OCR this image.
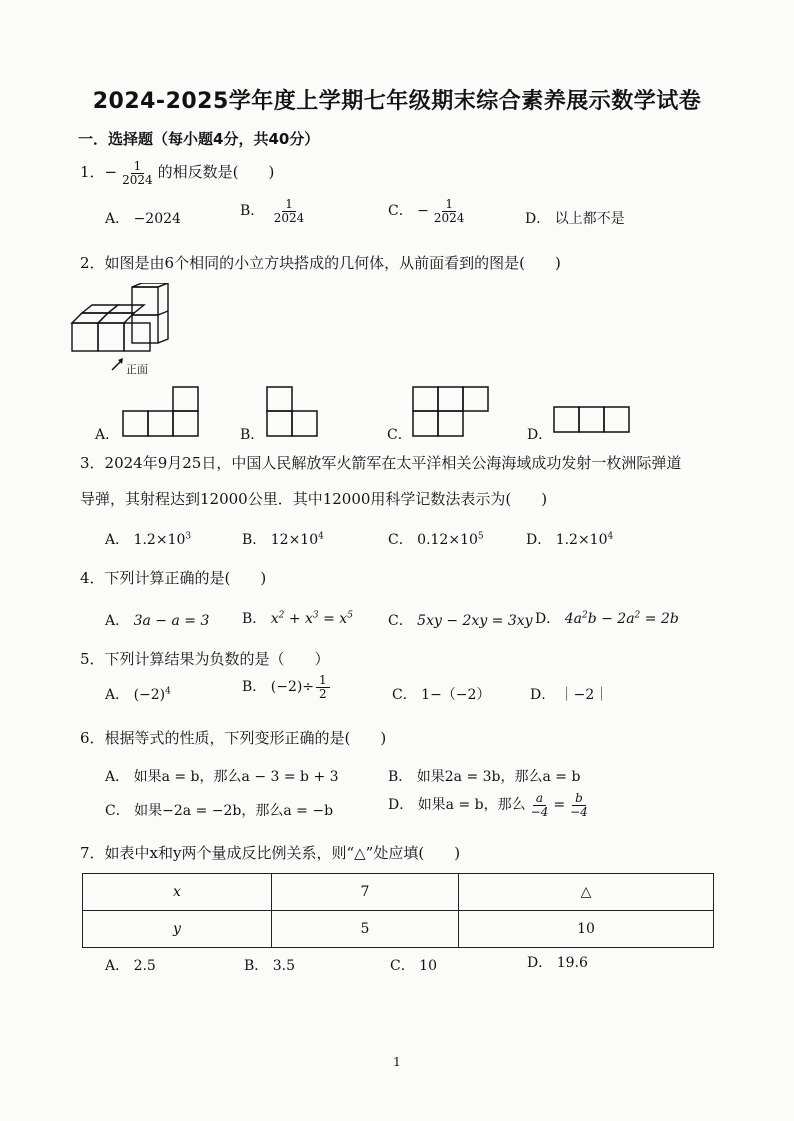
2024-2025学年度上学期七年级期末综合素养展示数学试卷
一．选择题（每小题4分，共40分）
1．− $\frac{1}{2024}$ 的相反数是(　　)
A． −2024	B． $\frac{1}{2024}$	C． − $\frac{1}{2024}$	D． 以上都不是
2．如图是由6个相同的小立方块搭成的几何体，从前面看到的图是(　　)
正面
A．	B．	C．	D．
3．2024年9月25日，中国人民解放军火箭军在太平洋相关公海海域成功发射一枚洲际弹道
导弹，其射程达到12000公里．其中12000用科学记数法表示为(　　)
A． $1.2\times 10^3$	B． $12\times 10^4$	C． $0.12\times 10^5$	D． $1.2\times 10^4$
4．下列计算正确的是(　　)
A． 3a − a = 3 B． $x^2 + x^3 = x^5$	C． 5xy − 2xy = 3xy D． $4a^2b - 2a^2 = 2b$
5．下列计算结果为负数的是（　　）
A． $(-2)^4$	B． $(-2)\div \frac{1}{2}$	C． 1−（−2）	D． ｜−2｜
6．根据等式的性质，下列变形正确的是(　　)
A． 如果a = b，那么a − 3 = b + 3	B． 如果2a = 3b，那么a = b
C． 如果−2a = −2b，那么a = −b	D． 如果a = b，那么 $\frac{a}{-4} = \frac{b}{-4}$
7．如表中x和y两个量成反比例关系，则“△”处应填(　　)
x	7	△
y	5	10
A． 2.5	B． 3.5	C． 10	D． 19.6
1
